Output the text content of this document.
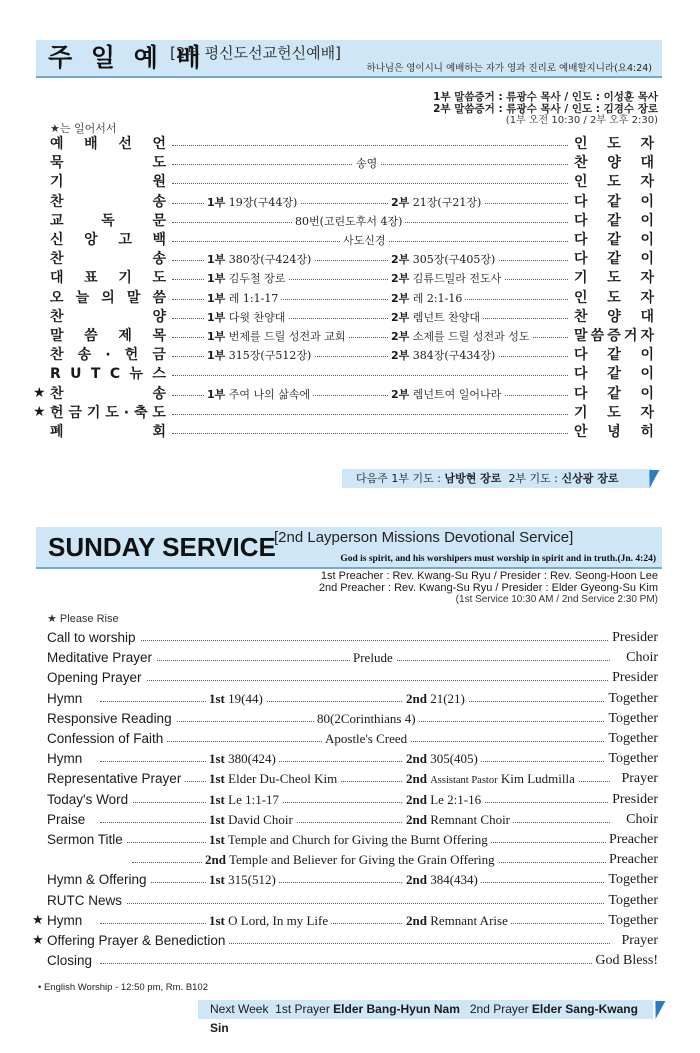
주 일 예 배
[2부 평신도선교헌신예배]
하나님은 영이시니 예배하는 자가 영과 진리로 예배할지니라(요4:24)
1부 말씀증거 : 류광수 목사 / 인도 : 이성훈 목사
2부 말씀증거 : 류광수 목사 / 인도 : 김경수 장로
(1부 오전 10:30 / 2부 오후 2:30)
★는 일어서서
예 배 선 언	인 도 자
묵	도	송영	찬 양 대
기	원	인 도 자
찬	송	1부 19장(구44장)	2부 21장(구21장)	다 같 이
교	독	문	80번(고린도후서 4장)	다 같 이
신 앙 고 백	사도신경	다 같 이
찬	송	1부 380장(구424장)	2부 305장(구405장)	다 같 이
대 표 기 도	1부 김두철 장로	2부 김류드밀라 전도사	기 도 자
오 늘 의 말 씀	1부 레 1:1-17	2부 레 2:1-16	인 도 자
찬	양	1부 다윗 찬양대	2부 렘넌트 찬양대	찬 양 대
말 씀 제 목	1부 번제를 드릴 성전과 교회	2부 소제를 드릴 성전과 성도	말 씀 증 거 자
찬 송 · 헌 금	1부 315장(구512장)	2부 384장(구434장)	다 같 이
R U T C 뉴 스	다 같 이
★ 찬	송	1부 주여 나의 삶속에	2부 렘넌트여 일어나라	다 같 이
★ 헌 금 기 도 · 축 도	기 도 자
폐	회	안 녕 히
다음주 1부 기도 : 남방현 장로 2부 기도 : 신상광 장로
SUNDAY SERVICE
[2nd Layperson Missions Devotional Service]
God is spirit, and his worshipers must worship in spirit and in truth.(Jn. 4:24)
1st Preacher : Rev. Kwang-Su Ryu / Presider : Rev. Seong-Hoon Lee
2nd Preacher : Rev. Kwang-Su Ryu / Presider : Elder Gyeong-Su Kim
(1st Service 10:30 AM / 2nd Service 2:30 PM)
★ Please Rise
Call to worship	Presider
Meditative Prayer	Prelude	Choir
Opening Prayer	Presider
Hymn	1st 19(44)	2nd 21(21)	Together
Responsive Reading	80(2Corinthians 4)	Together
Confession of Faith	Apostle's Creed	Together
Hymn	1st 380(424)	2nd 305(405)	Together
Representative Prayer	1st Elder Du-Cheol Kim	2nd Assistant Pastor Kim Ludmilla	Prayer
Today's Word	1st Le 1:1-17	2nd Le 2:1-16	Presider
Praise	1st David Choir	2nd Remnant Choir	Choir
Sermon Title	1st Temple and Church for Giving the Burnt Offering	Preacher
2nd Temple and Believer for Giving the Grain Offering	Preacher
Hymn & Offering	1st 315(512)	2nd 384(434)	Together
RUTC News	Together
★ Hymn	1st O Lord, In my Life	2nd Remnant Arise	Together
★ Offering Prayer & Benediction	Prayer
Closing	God Bless!
• English Worship - 12:50 pm, Rm. B102
Next Week 1st Prayer Elder Bang-Hyun Nam 2nd Prayer Elder Sang-Kwang Sin
